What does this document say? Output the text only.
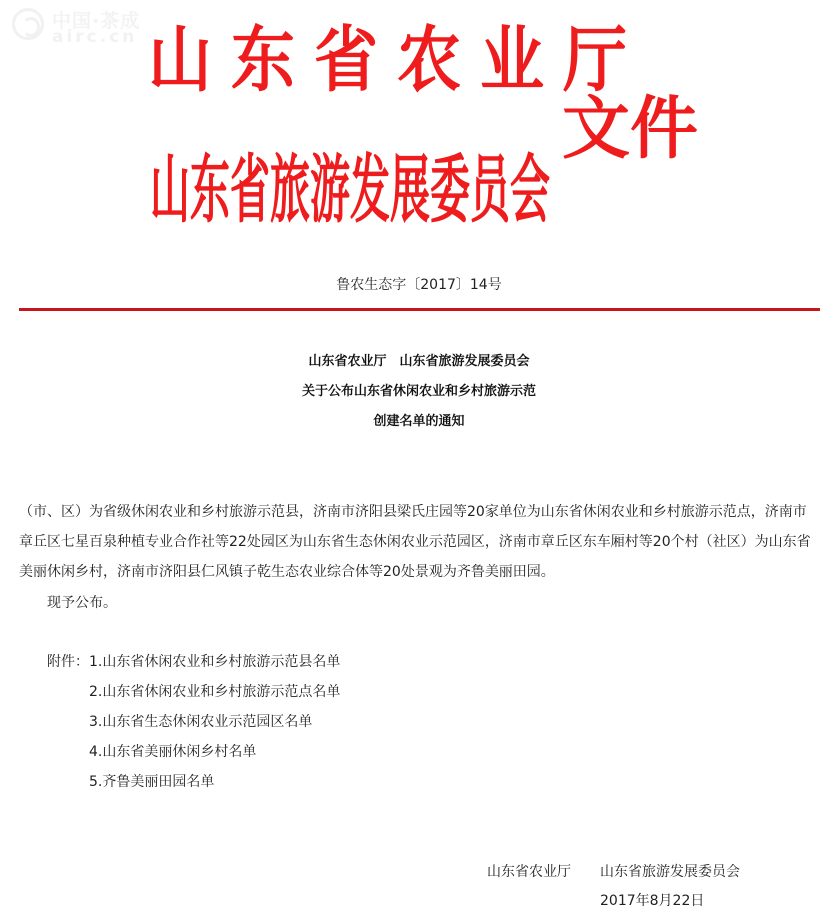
中国·茶成
airc.cn 山东省农业厅
山东省旅游发展委员会
文件
鲁农生态字〔2017〕14号
山东省农业厅　山东省旅游发展委员会
关于公布山东省休闲农业和乡村旅游示范
创建名单的通知
（市、区）为省级休闲农业和乡村旅游示范县，济南市济阳县梁氏庄园等20家单位为山东省休闲农业和乡村旅游示范点，济南市
章丘区七星百泉种植专业合作社等22处园区为山东省生态休闲农业示范园区，济南市章丘区东车厢村等20个村（社区）为山东省
美丽休闲乡村，济南市济阳县仁风镇子乾生态农业综合体等20处景观为齐鲁美丽田园。
现予公布。
附件： 1.山东省休闲农业和乡村旅游示范县名单
2.山东省休闲农业和乡村旅游示范点名单
3.山东省生态休闲农业示范园区名单
4.山东省美丽休闲乡村名单
5.齐鲁美丽田园名单
山东省农业厅 山东省旅游发展委员会
2017年8月22日
